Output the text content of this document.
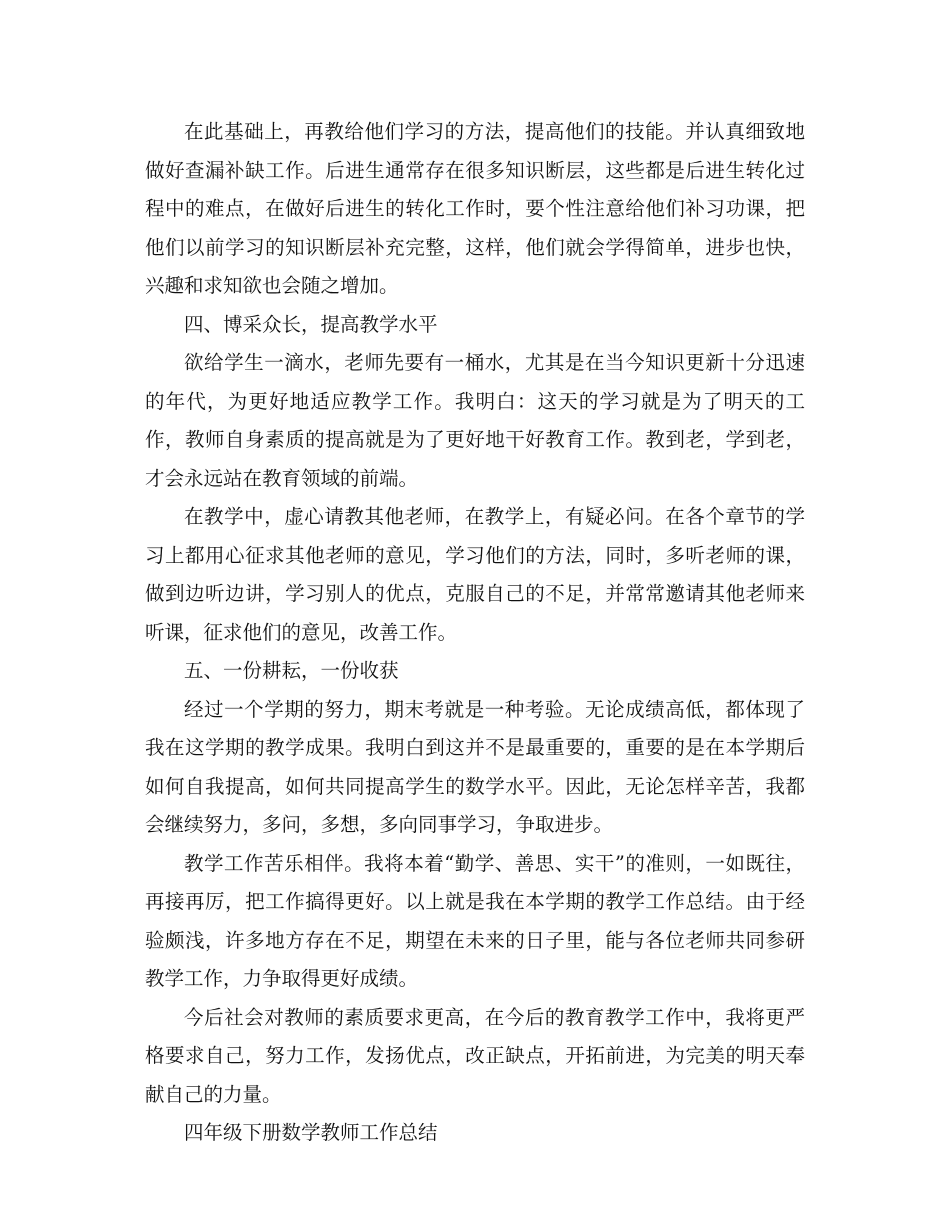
在此基础上，再教给他们学习的方法，提高他们的技能。并认真细致地做好查漏补缺工作。后进生通常存在很多知识断层，这些都是后进生转化过程中的难点，在做好后进生的转化工作时，要个性注意给他们补习功课，把他们以前学习的知识断层补充完整，这样，他们就会学得简单，进步也快，兴趣和求知欲也会随之增加。

四、博采众长，提高教学水平

欲给学生一滴水，老师先要有一桶水，尤其是在当今知识更新十分迅速的年代，为更好地适应教学工作。我明白：这天的学习就是为了明天的工作，教师自身素质的提高就是为了更好地干好教育工作。教到老，学到老，才会永远站在教育领域的前端。

在教学中，虚心请教其他老师，在教学上，有疑必问。在各个章节的学习上都用心征求其他老师的意见，学习他们的方法，同时，多听老师的课，做到边听边讲，学习别人的优点，克服自己的不足，并常常邀请其他老师来听课，征求他们的意见，改善工作。

五、一份耕耘，一份收获

经过一个学期的努力，期末考就是一种考验。无论成绩高低，都体现了我在这学期的教学成果。我明白到这并不是最重要的，重要的是在本学期后如何自我提高，如何共同提高学生的数学水平。因此，无论怎样辛苦，我都会继续努力，多问，多想，多向同事学习，争取进步。

教学工作苦乐相伴。我将本着“勤学、善思、实干”的准则，一如既往，再接再厉，把工作搞得更好。以上就是我在本学期的教学工作总结。由于经验颇浅，许多地方存在不足，期望在未来的日子里，能与各位老师共同参研教学工作，力争取得更好成绩。

今后社会对教师的素质要求更高，在今后的教育教学工作中，我将更严格要求自己，努力工作，发扬优点，改正缺点，开拓前进，为完美的明天奉献自己的力量。

四年级下册数学教师工作总结
